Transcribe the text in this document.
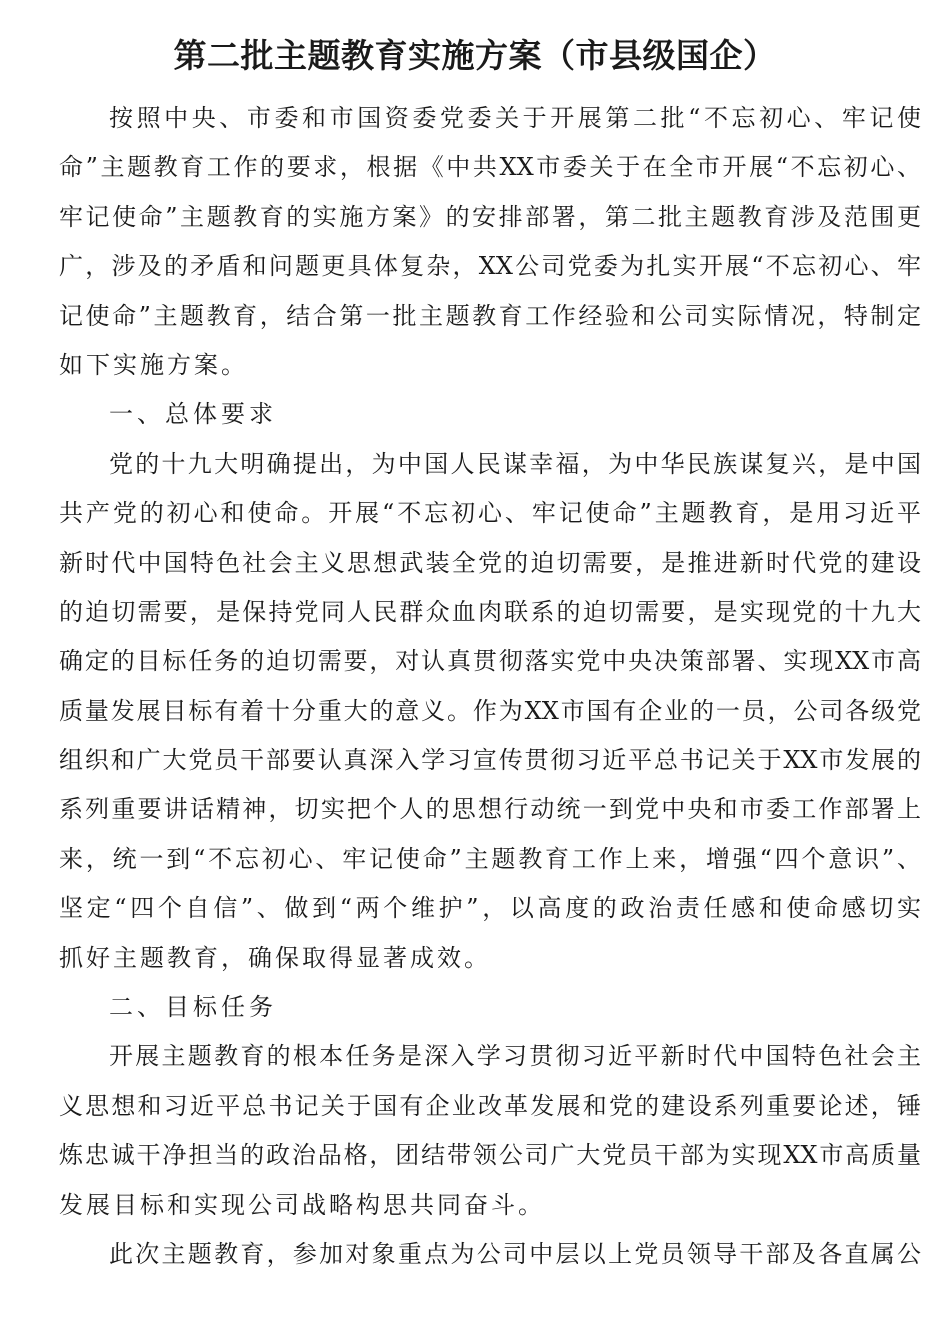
第二批主题教育实施方案（市县级国企）
按照中央、市委和市国资委党委关于开展第二批“不忘初心、牢记使
命”主题教育工作的要求，根据《中共XX市委关于在全市开展“不忘初心、
牢记使命”主题教育的实施方案》的安排部署，第二批主题教育涉及范围更
广，涉及的矛盾和问题更具体复杂，XX公司党委为扎实开展“不忘初心、牢
记使命”主题教育，结合第一批主题教育工作经验和公司实际情况，特制定
如下实施方案。
一、总体要求
党的十九大明确提出，为中国人民谋幸福，为中华民族谋复兴，是中国
共产党的初心和使命。开展“不忘初心、牢记使命”主题教育，是用习近平
新时代中国特色社会主义思想武装全党的迫切需要，是推进新时代党的建设
的迫切需要，是保持党同人民群众血肉联系的迫切需要，是实现党的十九大
确定的目标任务的迫切需要，对认真贯彻落实党中央决策部署、实现XX市高
质量发展目标有着十分重大的意义。作为XX市国有企业的一员，公司各级党
组织和广大党员干部要认真深入学习宣传贯彻习近平总书记关于XX市发展的
系列重要讲话精神，切实把个人的思想行动统一到党中央和市委工作部署上
来，统一到“不忘初心、牢记使命”主题教育工作上来，增强“四个意识”、
坚定“四个自信”、做到“两个维护”，以高度的政治责任感和使命感切实
抓好主题教育，确保取得显著成效。
二、目标任务
开展主题教育的根本任务是深入学习贯彻习近平新时代中国特色社会主
义思想和习近平总书记关于国有企业改革发展和党的建设系列重要论述，锤
炼忠诚干净担当的政治品格，团结带领公司广大党员干部为实现XX市高质量
发展目标和实现公司战略构思共同奋斗。
此次主题教育，参加对象重点为公司中层以上党员领导干部及各直属公
